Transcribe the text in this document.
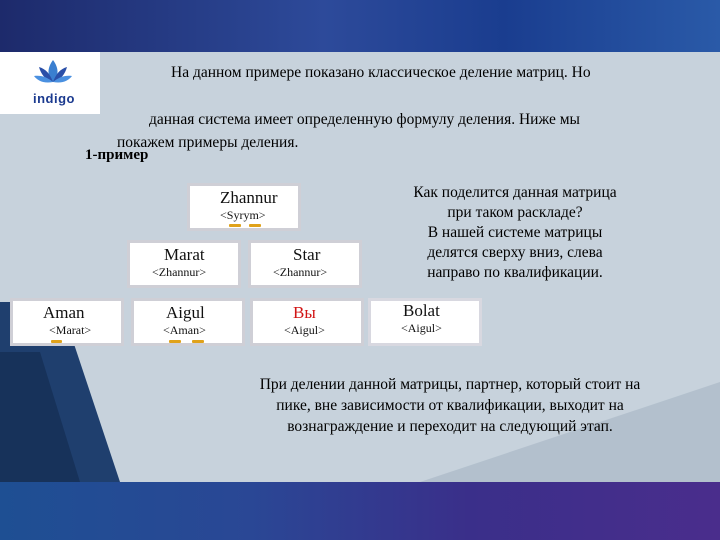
indigo
На данном примере показано классическое деление матриц. Но
данная система имеет определенную формулу деления. Ниже мы
покажем примеры деления.
1-пример
Zhannur
<Syrym>
Marat
<Zhannur>
Star
<Zhannur>
Aman
<Marat>
Aigul
<Aman>
Вы
<Aigul>
Bolat
<Aigul>
Как поделится данная матрица
при таком раскладе?
В нашей системе матрицы
делятся сверху вниз, слева
направо по квалификации.
При делении данной матрицы, партнер, который стоит на
пике, вне зависимости от квалификации, выходит на
вознаграждение и переходит на следующий этап.
